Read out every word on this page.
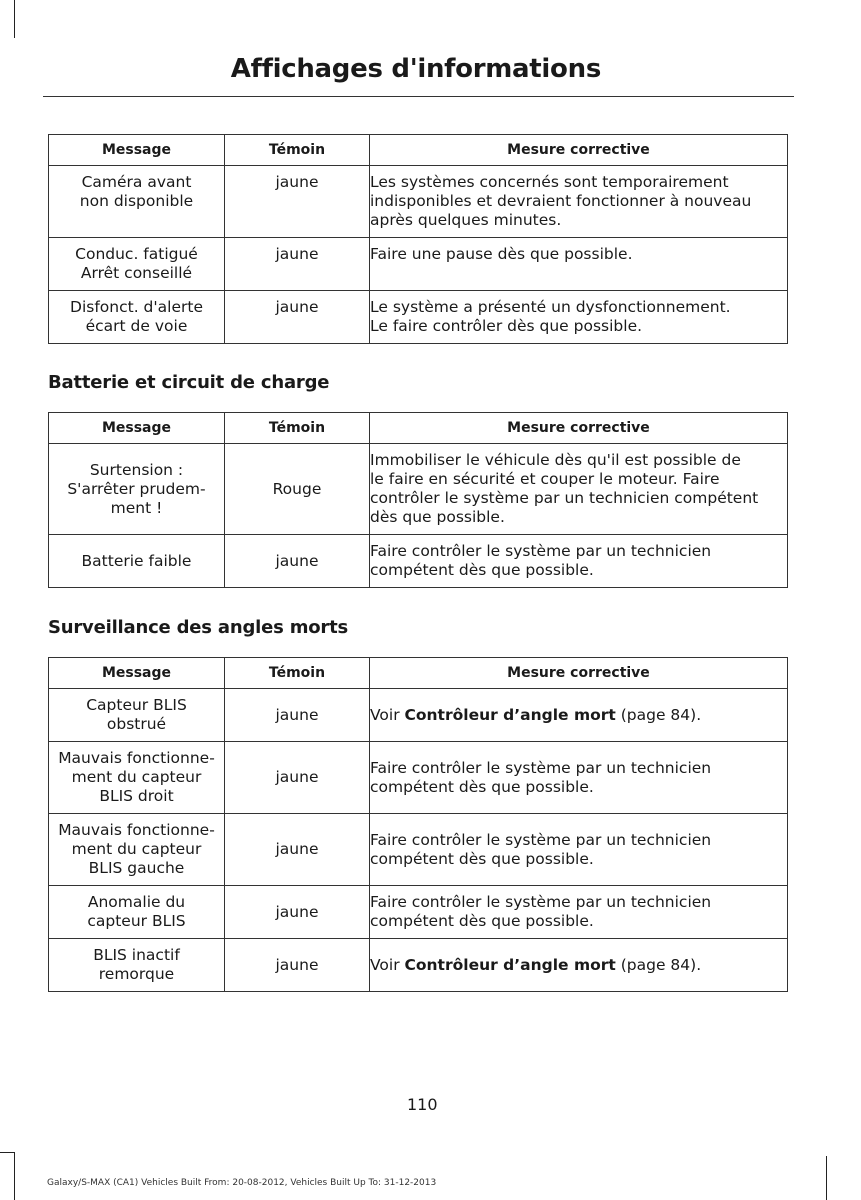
Affichages d'informations
Message	Témoin	Mesure corrective

Caméra avant
non disponible	jaune	Les systèmes concernés sont temporairement
indisponibles et devraient fonctionner à nouveau
après quelques minutes.

Conduc. fatigué
Arrêt conseillé	jaune	Faire une pause dès que possible.

Disfonct. d'alerte
écart de voie	jaune	Le système a présenté un dysfonctionnement.
Le faire contrôler dès que possible.
Batterie et circuit de charge
Message	Témoin	Mesure corrective

Surtension :
S'arrêter prudem-
ment !	Rouge	Immobiliser le véhicule dès qu'il est possible de
le faire en sécurité et couper le moteur. Faire
contrôler le système par un technicien compétent
dès que possible.

Batterie faible	jaune	Faire contrôler le système par un technicien
compétent dès que possible.
Surveillance des angles morts
Message	Témoin	Mesure corrective

Capteur BLIS
obstrué	jaune	Voir Contrôleur d’angle mort (page 84).

Mauvais fonctionne-
ment du capteur
BLIS droit	jaune	Faire contrôler le système par un technicien
compétent dès que possible.

Mauvais fonctionne-
ment du capteur
BLIS gauche	jaune	Faire contrôler le système par un technicien
compétent dès que possible.

Anomalie du
capteur BLIS	jaune	Faire contrôler le système par un technicien
compétent dès que possible.

BLIS inactif
remorque	jaune	Voir Contrôleur d’angle mort (page 84).

110

Galaxy/S-MAX (CA1) Vehicles Built From: 20-08-2012, Vehicles Built Up To: 31-12-2013
